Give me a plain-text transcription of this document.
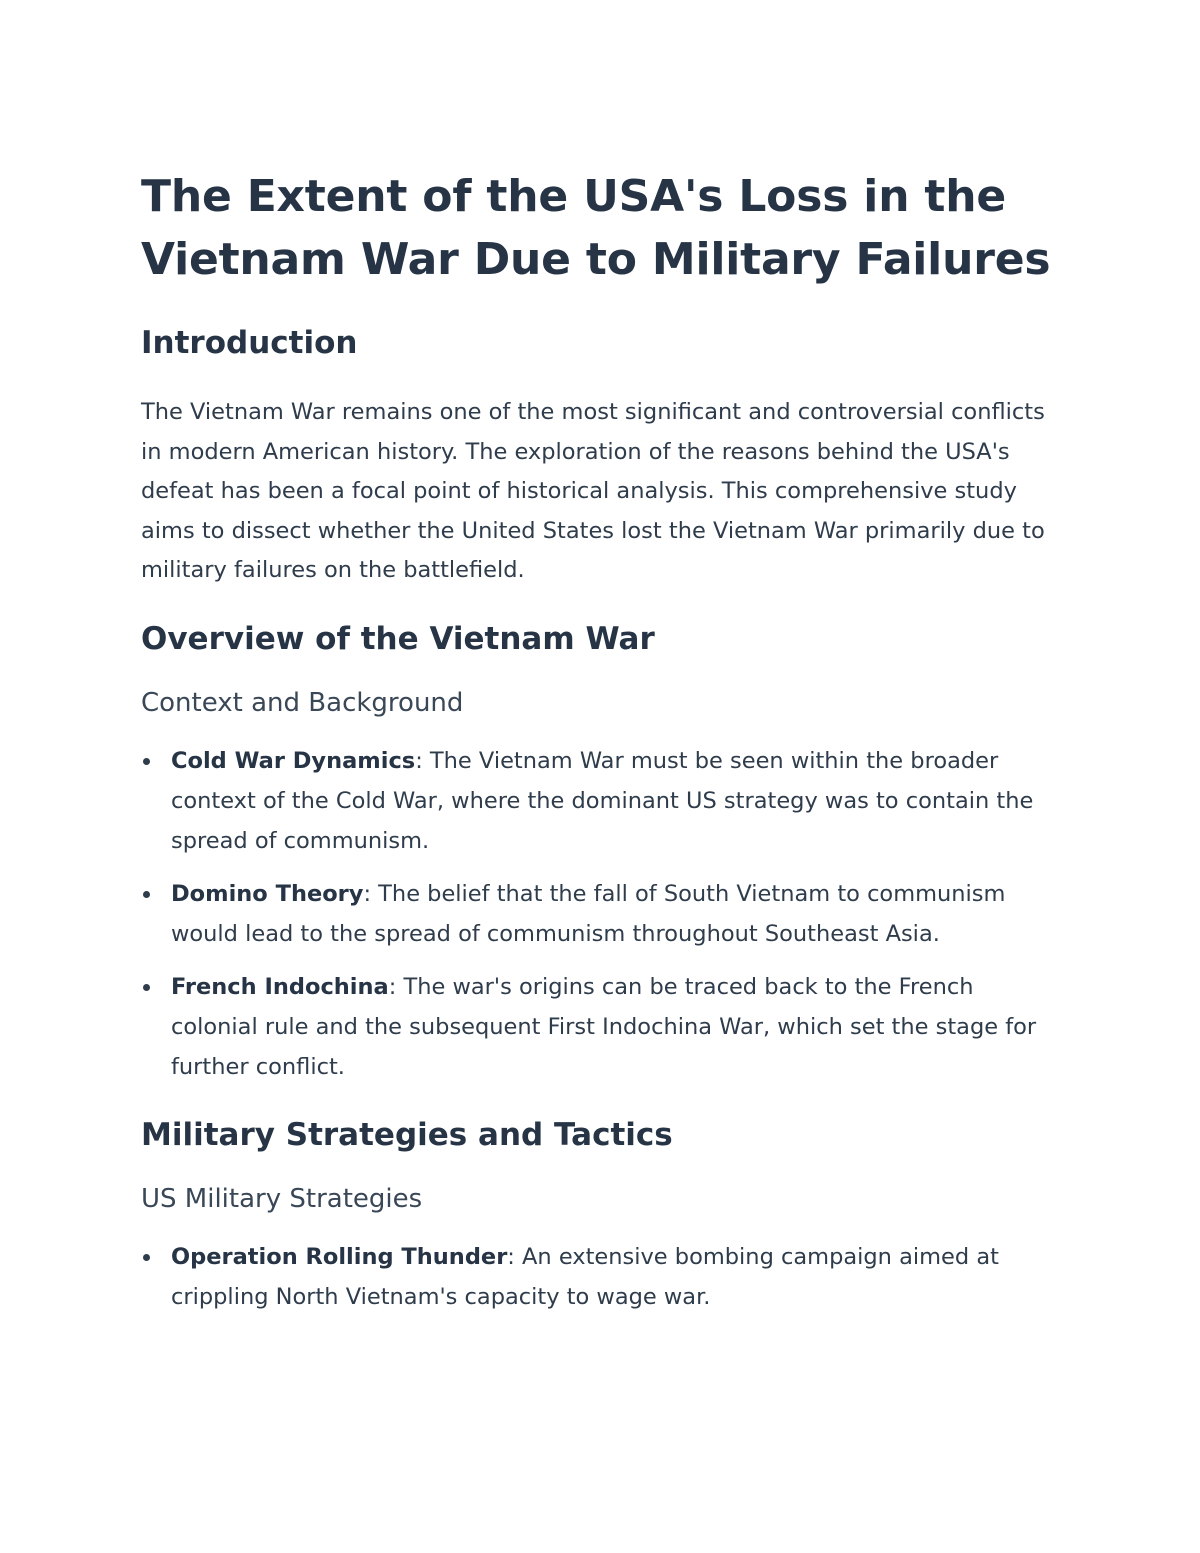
The Extent of the USA's Loss in the Vietnam War Due to Military Failures
Introduction

The Vietnam War remains one of the most significant and controversial conflicts in modern American history. The exploration of the reasons behind the USA's defeat has been a focal point of historical analysis. This comprehensive study aims to dissect whether the United States lost the Vietnam War primarily due to military failures on the battlefield.

Overview of the Vietnam War
Context and Background
Cold War Dynamics: The Vietnam War must be seen within the broader context of the Cold War, where the dominant US strategy was to contain the spread of communism.
Domino Theory: The belief that the fall of South Vietnam to communism would lead to the spread of communism throughout Southeast Asia.
French Indochina: The war's origins can be traced back to the French colonial rule and the subsequent First Indochina War, which set the stage for further conflict.
Military Strategies and Tactics
US Military Strategies
Operation Rolling Thunder: An extensive bombing campaign aimed at crippling North Vietnam's capacity to wage war.
